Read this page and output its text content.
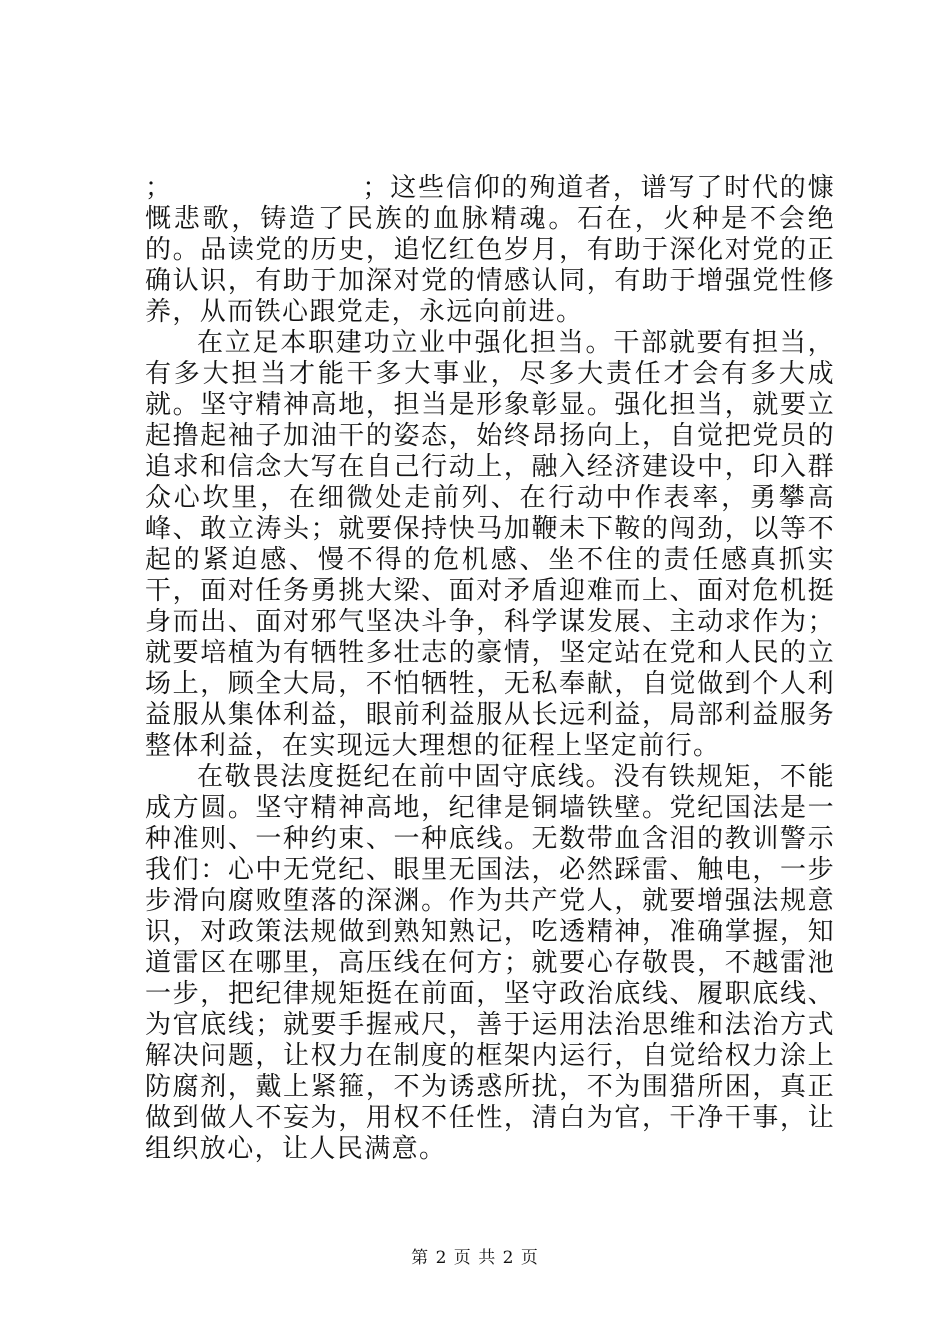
；	；这些信仰的殉道者，谱写了时代的慷慨悲歌，铸造了民族的血脉精魂。石在，火种是不会绝的。品读党的历史，追忆红色岁月，有助于深化对党的正确认识，有助于加深对党的情感认同，有助于增强党性修养，从而铁心跟党走，永远向前进。

在立足本职建功立业中强化担当。干部就要有担当，有多大担当才能干多大事业，尽多大责任才会有多大成就。坚守精神高地，担当是形象彰显。强化担当，就要立起撸起袖子加油干的姿态，始终昂扬向上，自觉把党员的追求和信念大写在自己行动上，融入经济建设中，印入群众心坎里，在细微处走前列、在行动中作表率，勇攀高峰、敢立涛头；就要保持快马加鞭未下鞍的闯劲，以等不起的紧迫感、慢不得的危机感、坐不住的责任感真抓实干，面对任务勇挑大梁、面对矛盾迎难而上、面对危机挺身而出、面对邪气坚决斗争，科学谋发展、主动求作为；就要培植为有牺牲多壮志的豪情，坚定站在党和人民的立场上，顾全大局，不怕牺牲，无私奉献，自觉做到个人利益服从集体利益，眼前利益服从长远利益，局部利益服务整体利益，在实现远大理想的征程上坚定前行。

在敬畏法度挺纪在前中固守底线。没有铁规矩，不能成方圆。坚守精神高地，纪律是铜墙铁壁。党纪国法是一种准则、一种约束、一种底线。无数带血含泪的教训警示我们：心中无党纪、眼里无国法，必然踩雷、触电，一步步滑向腐败堕落的深渊。作为共产党人，就要增强法规意识，对政策法规做到熟知熟记，吃透精神，准确掌握，知道雷区在哪里，高压线在何方；就要心存敬畏，不越雷池一步，把纪律规矩挺在前面，坚守政治底线、履职底线、为官底线；就要手握戒尺，善于运用法治思维和法治方式解决问题，让权力在制度的框架内运行，自觉给权力涂上防腐剂，戴上紧箍，不为诱惑所扰，不为围猎所困，真正做到做人不妄为，用权不任性，清白为官，干净干事，让组织放心，让人民满意。

第 2 页 共 2 页
